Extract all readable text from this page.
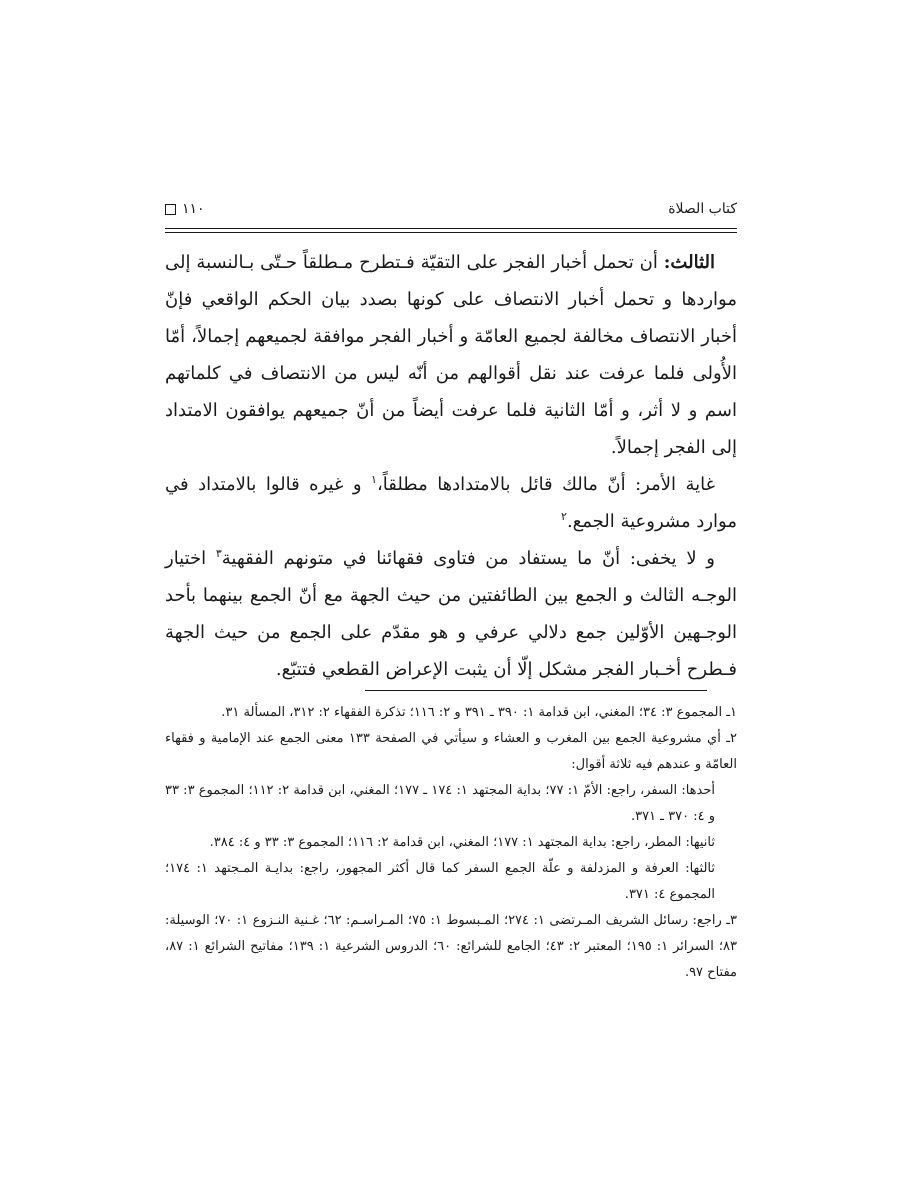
١١٠	كتاب الصلاة

الثالث: أن تحمل أخبار الفجر على التقيّة فـتطرح مـطلقاً حـتّى بـالنسبة إلى مواردها و تحمل أخبار الانتصاف على كونها بصدد بيان الحكم الواقعي فإنّ أخبار الانتصاف مخالفة لجميع العامّة و أخبار الفجر موافقة لجميعهم إجمالاً، أمّا الأُولى فلما عرفت عند نقل أقوالهم من أنّه ليس من الانتصاف في كلماتهم اسم و لا أثر، و أمّا الثانية فلما عرفت أيضاً من أنّ جميعهم يوافقون الامتداد إلى الفجر إجمالاً.

غاية الأمر: أنّ مالك قائل بالامتدادها مطلقاً،$^١$ و غيره قالوا بالامتداد في موارد مشروعية الجمع.$^٢$

و لا يخفى: أنّ ما يستفاد من فتاوى فقهائنا في متونهم الفقهية$^٣$ اختيار الوجـه الثالث و الجمع بين الطائفتين من حيث الجهة مع أنّ الجمع بينهما بأحد الوجـهين الأوّلين جمع دلالي عرفي و هو مقدّم على الجمع من حيث الجهة فـطرح أخـبار الفجر مشكل إلّا أن يثبت الإعراض القطعي فتتبّع.

١ـ المجموع ٣: ٣٤؛ المغني، ابن قدامة ١: ٣٩٠ ـ ٣٩١ و ٢: ١١٦؛ تذكرة الفقهاء ٢: ٣١٢، المسألة ٣١.

٢ـ أي مشروعية الجمع بين المغرب و العشاء و سيأتي في الصفحة ١٣٣ معنى الجمع عند الإمامية و فقهاء العامّة و عندهم فيه ثلاثة أقوال:

أحدها: السفر، راجع: الأمّ ١: ٧٧؛ بداية المجتهد ١: ١٧٤ ـ ١٧٧؛ المغني، ابن قدامة ٢: ١١٢؛ المجموع ٣: ٣٣ و ٤: ٣٧٠ ـ ٣٧١.

ثانيها: المطر، راجع: بداية المجتهد ١: ١٧٧؛ المغني، ابن قدامة ٢: ١١٦؛ المجموع ٣: ٣٣ و ٤: ٣٨٤.

ثالثها: العرفة و المزدلفة و علّة الجمع السفر كما قال أكثر المجهور، راجع: بدايـة المـجتهد ١: ١٧٤؛ المجموع ٤: ٣٧١.

٣ـ راجع: رسائل الشريف المـرتضى ١: ٢٧٤؛ المـبسوط ١: ٧٥؛ المـراسـم: ٦٢؛ غـنية النـزوع ١: ٧٠؛ الوسيلة: ٨٣؛ السرائر ١: ١٩٥؛ المعتبر ٢: ٤٣؛ الجامع للشرائع: ٦٠؛ الدروس الشرعية ١: ١٣٩؛ مفاتيح الشرائع ١: ٨٧، مفتاح ٩٧.
